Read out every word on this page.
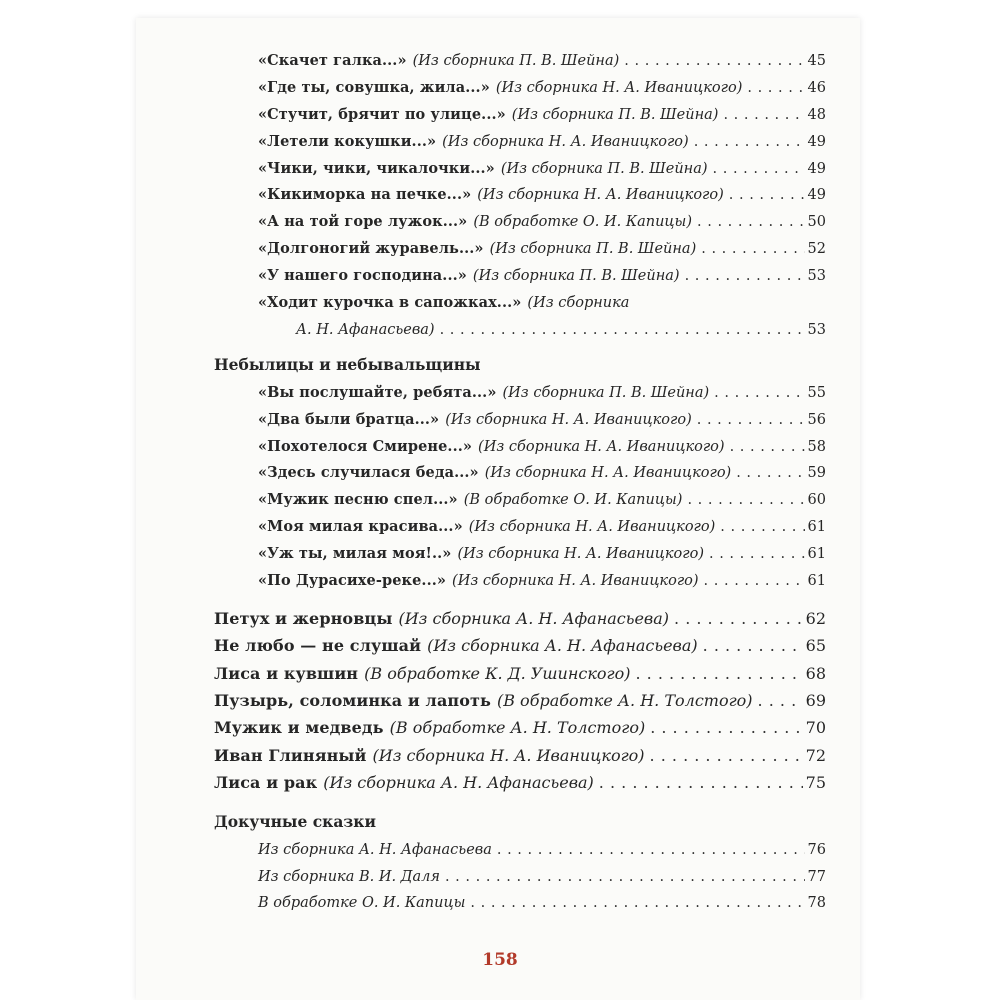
«Скачет галка...» (Из сборника П. В. Шейна) . . .	45
«Где ты, совушка, жила...» (Из сборника Н. А. Иваницкого) . . .	46
«Стучит, брячит по улице...» (Из сборника П. В. Шейна) . . .	48
«Летели кокушки...» (Из сборника Н. А. Иваницкого) . . .	49
«Чики, чики, чикалочки...» (Из сборника П. В. Шейна) . . .	49
«Кикиморка на печке...» (Из сборника Н. А. Иваницкого) . . .	49
«А на той горе лужок...» (В обработке О. И. Капицы) . . .	50
«Долгоногий журавель...» (Из сборника П. В. Шейна) . . .	52
«У нашего господина...» (Из сборника П. В. Шейна) . . .	53
«Ходит курочка в сапожках...» (Из сборника
А. Н. Афанасьева) . . .	53
Небылицы и небывальщины
«Вы послушайте, ребята...» (Из сборника П. В. Шейна) . . .	55
«Два были братца...» (Из сборника Н. А. Иваницкого) . . .	56
«Похотелося Смирене...» (Из сборника Н. А. Иваницкого) . . .	58
«Здесь случилася беда...» (Из сборника Н. А. Иваницкого) . . .	59
«Мужик песню спел...» (В обработке О. И. Капицы) . . .	60
«Моя милая красива...» (Из сборника Н. А. Иваницкого) . . .	61
«Уж ты, милая моя!..» (Из сборника Н. А. Иваницкого) . . .	61
«По Дурасихе-реке...» (Из сборника Н. А. Иваницкого) . . .	61
Петух и жерновцы (Из сборника А. Н. Афанасьева) . . .	62
Не любо — не слушай (Из сборника А. Н. Афанасьева) . . .	65
Лиса и кувшин (В обработке К. Д. Ушинского) . . .	68
Пузырь, соломинка и лапоть (В обработке А. Н. Толстого) . . .	69
Мужик и медведь (В обработке А. Н. Толстого) . . .	70
Иван Глиняный (Из сборника Н. А. Иваницкого) . . .	72
Лиса и рак (Из сборника А. Н. Афанасьева) . . .	75
Докучные сказки
Из сборника А. Н. Афанасьева . . .	76
Из сборника В. И. Даля . . .	77
В обработке О. И. Капицы . . .	78
158
